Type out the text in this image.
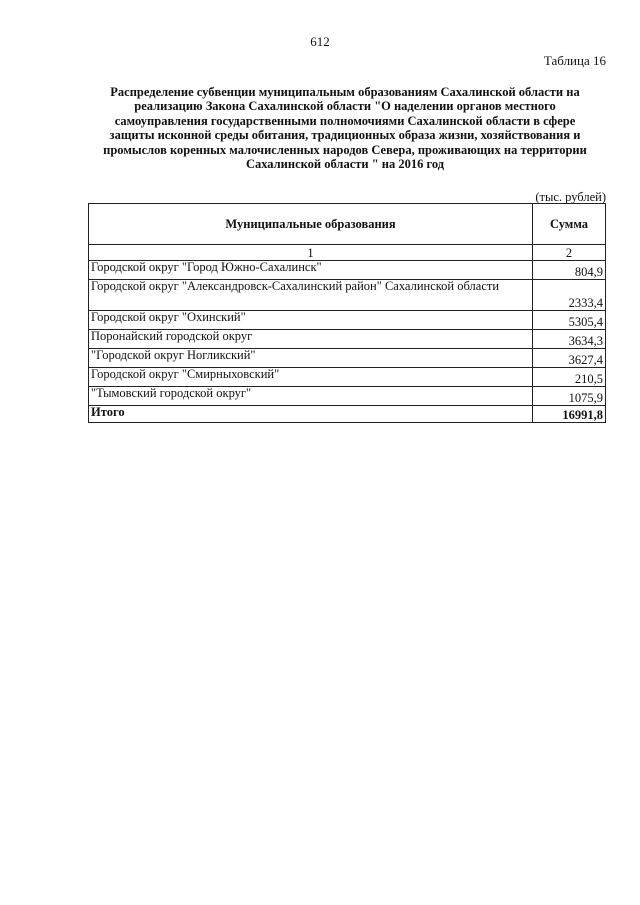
612
Таблица 16
Распределение субвенции муниципальным образованиям Сахалинской области на
реализацию Закона Сахалинской области "О наделении органов местного
самоуправления государственными полномочиями Сахалинской области в сфере
защиты исконной среды обитания, традиционных образа жизни, хозяйствования и
промыслов коренных малочисленных народов Севера, проживающих на территории
Сахалинской области " на 2016 год
(тыс. рублей)
Муниципальные образования	Сумма
1	2
Городской округ "Город Южно-Сахалинск"	804,9
Городской округ "Александровск-Сахалинский район" Сахалинской области	2333,4
Городской округ "Охинский"	5305,4
Поронайский городской округ	3634,3
"Городской округ Ногликский"	3627,4
Городской округ "Смирныховский"	210,5
"Тымовский городской округ"	1075,9
Итого	16991,8
